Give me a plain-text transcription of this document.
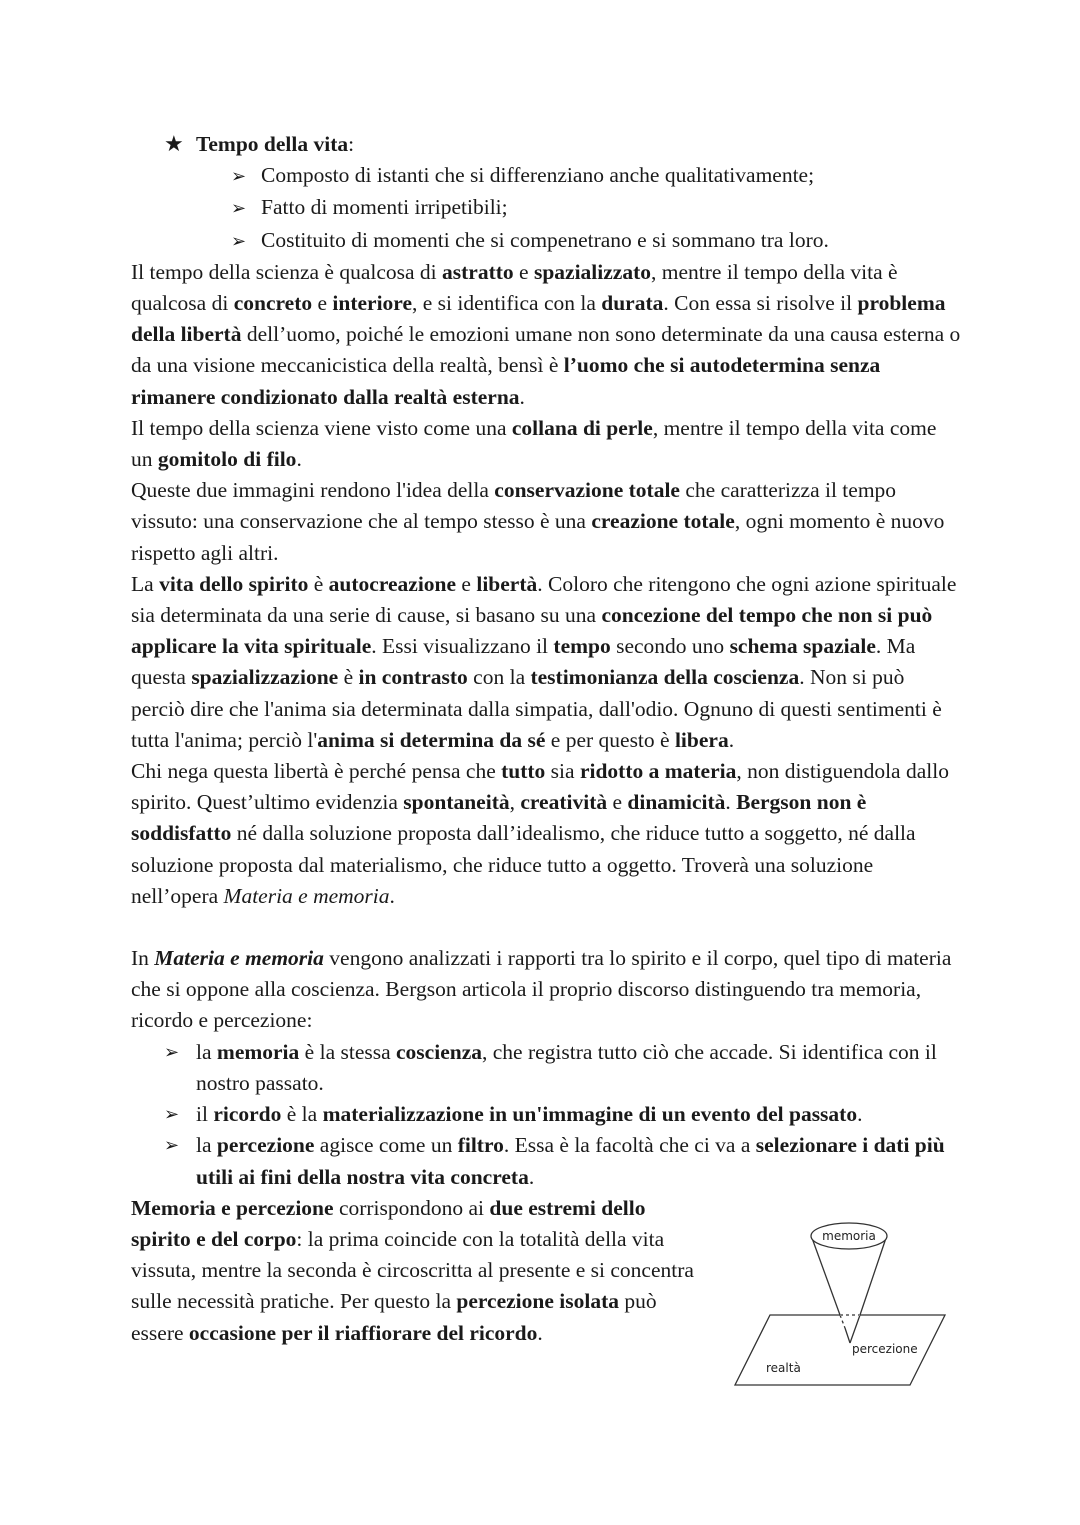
★ Tempo della vita:

➢ Composto di istanti che si differenziano anche qualitativamente;

➢ Fatto di momenti irripetibili;

➢ Costituito di momenti che si compenetrano e si sommano tra loro.

Il tempo della scienza è qualcosa di astratto e spazializzato, mentre il tempo della vita è qualcosa di concreto e interiore, e si identifica con la durata. Con essa si risolve il problema della libertà dell’uomo, poiché le emozioni umane non sono determinate da una causa esterna o da una visione meccanicistica della realtà, bensì è l’uomo che si autodetermina senza rimanere condizionato dalla realtà esterna.

Il tempo della scienza viene visto come una collana di perle, mentre il tempo della vita come un gomitolo di filo.

Queste due immagini rendono l'idea della conservazione totale che caratterizza il tempo vissuto: una conservazione che al tempo stesso è una creazione totale, ogni momento è nuovo rispetto agli altri.

La vita dello spirito è autocreazione e libertà. Coloro che ritengono che ogni azione spirituale sia determinata da una serie di cause, si basano su una concezione del tempo che non si può applicare la vita spirituale. Essi visualizzano il tempo secondo uno schema spaziale. Ma questa spazializzazione è in contrasto con la testimonianza della coscienza. Non si può perciò dire che l'anima sia determinata dalla simpatia, dall'odio. Ognuno di questi sentimenti è tutta l'anima; perciò l'anima si determina da sé e per questo è libera.

Chi nega questa libertà è perché pensa che tutto sia ridotto a materia, non distiguendola dallo spirito. Quest’ultimo evidenzia spontaneità, creatività e dinamicità. Bergson non è soddisfatto né dalla soluzione proposta dall’idealismo, che riduce tutto a soggetto, né dalla soluzione proposta dal materialismo, che riduce tutto a oggetto. Troverà una soluzione nell’opera Materia e memoria.

In Materia e memoria vengono analizzati i rapporti tra lo spirito e il corpo, quel tipo di materia che si oppone alla coscienza. Bergson articola il proprio discorso distinguendo tra memoria, ricordo e percezione:

➢ la memoria è la stessa coscienza, che registra tutto ciò che accade. Si identifica con il nostro passato.
➢ il ricordo è la materializzazione in un'immagine di un evento del passato.
➢ la percezione agisce come un filtro. Essa è la facoltà che ci va a selezionare i dati più utili ai fini della nostra vita concreta.

Memoria e percezione corrispondono ai due estremi dello spirito e del corpo: la prima coincide con la totalità della vita vissuta, mentre la seconda è circoscritta al presente e si concentra sulle necessità pratiche. Per questo la percezione isolata può essere occasione per il riaffiorare del ricordo.

memoria
percezione
realtà
